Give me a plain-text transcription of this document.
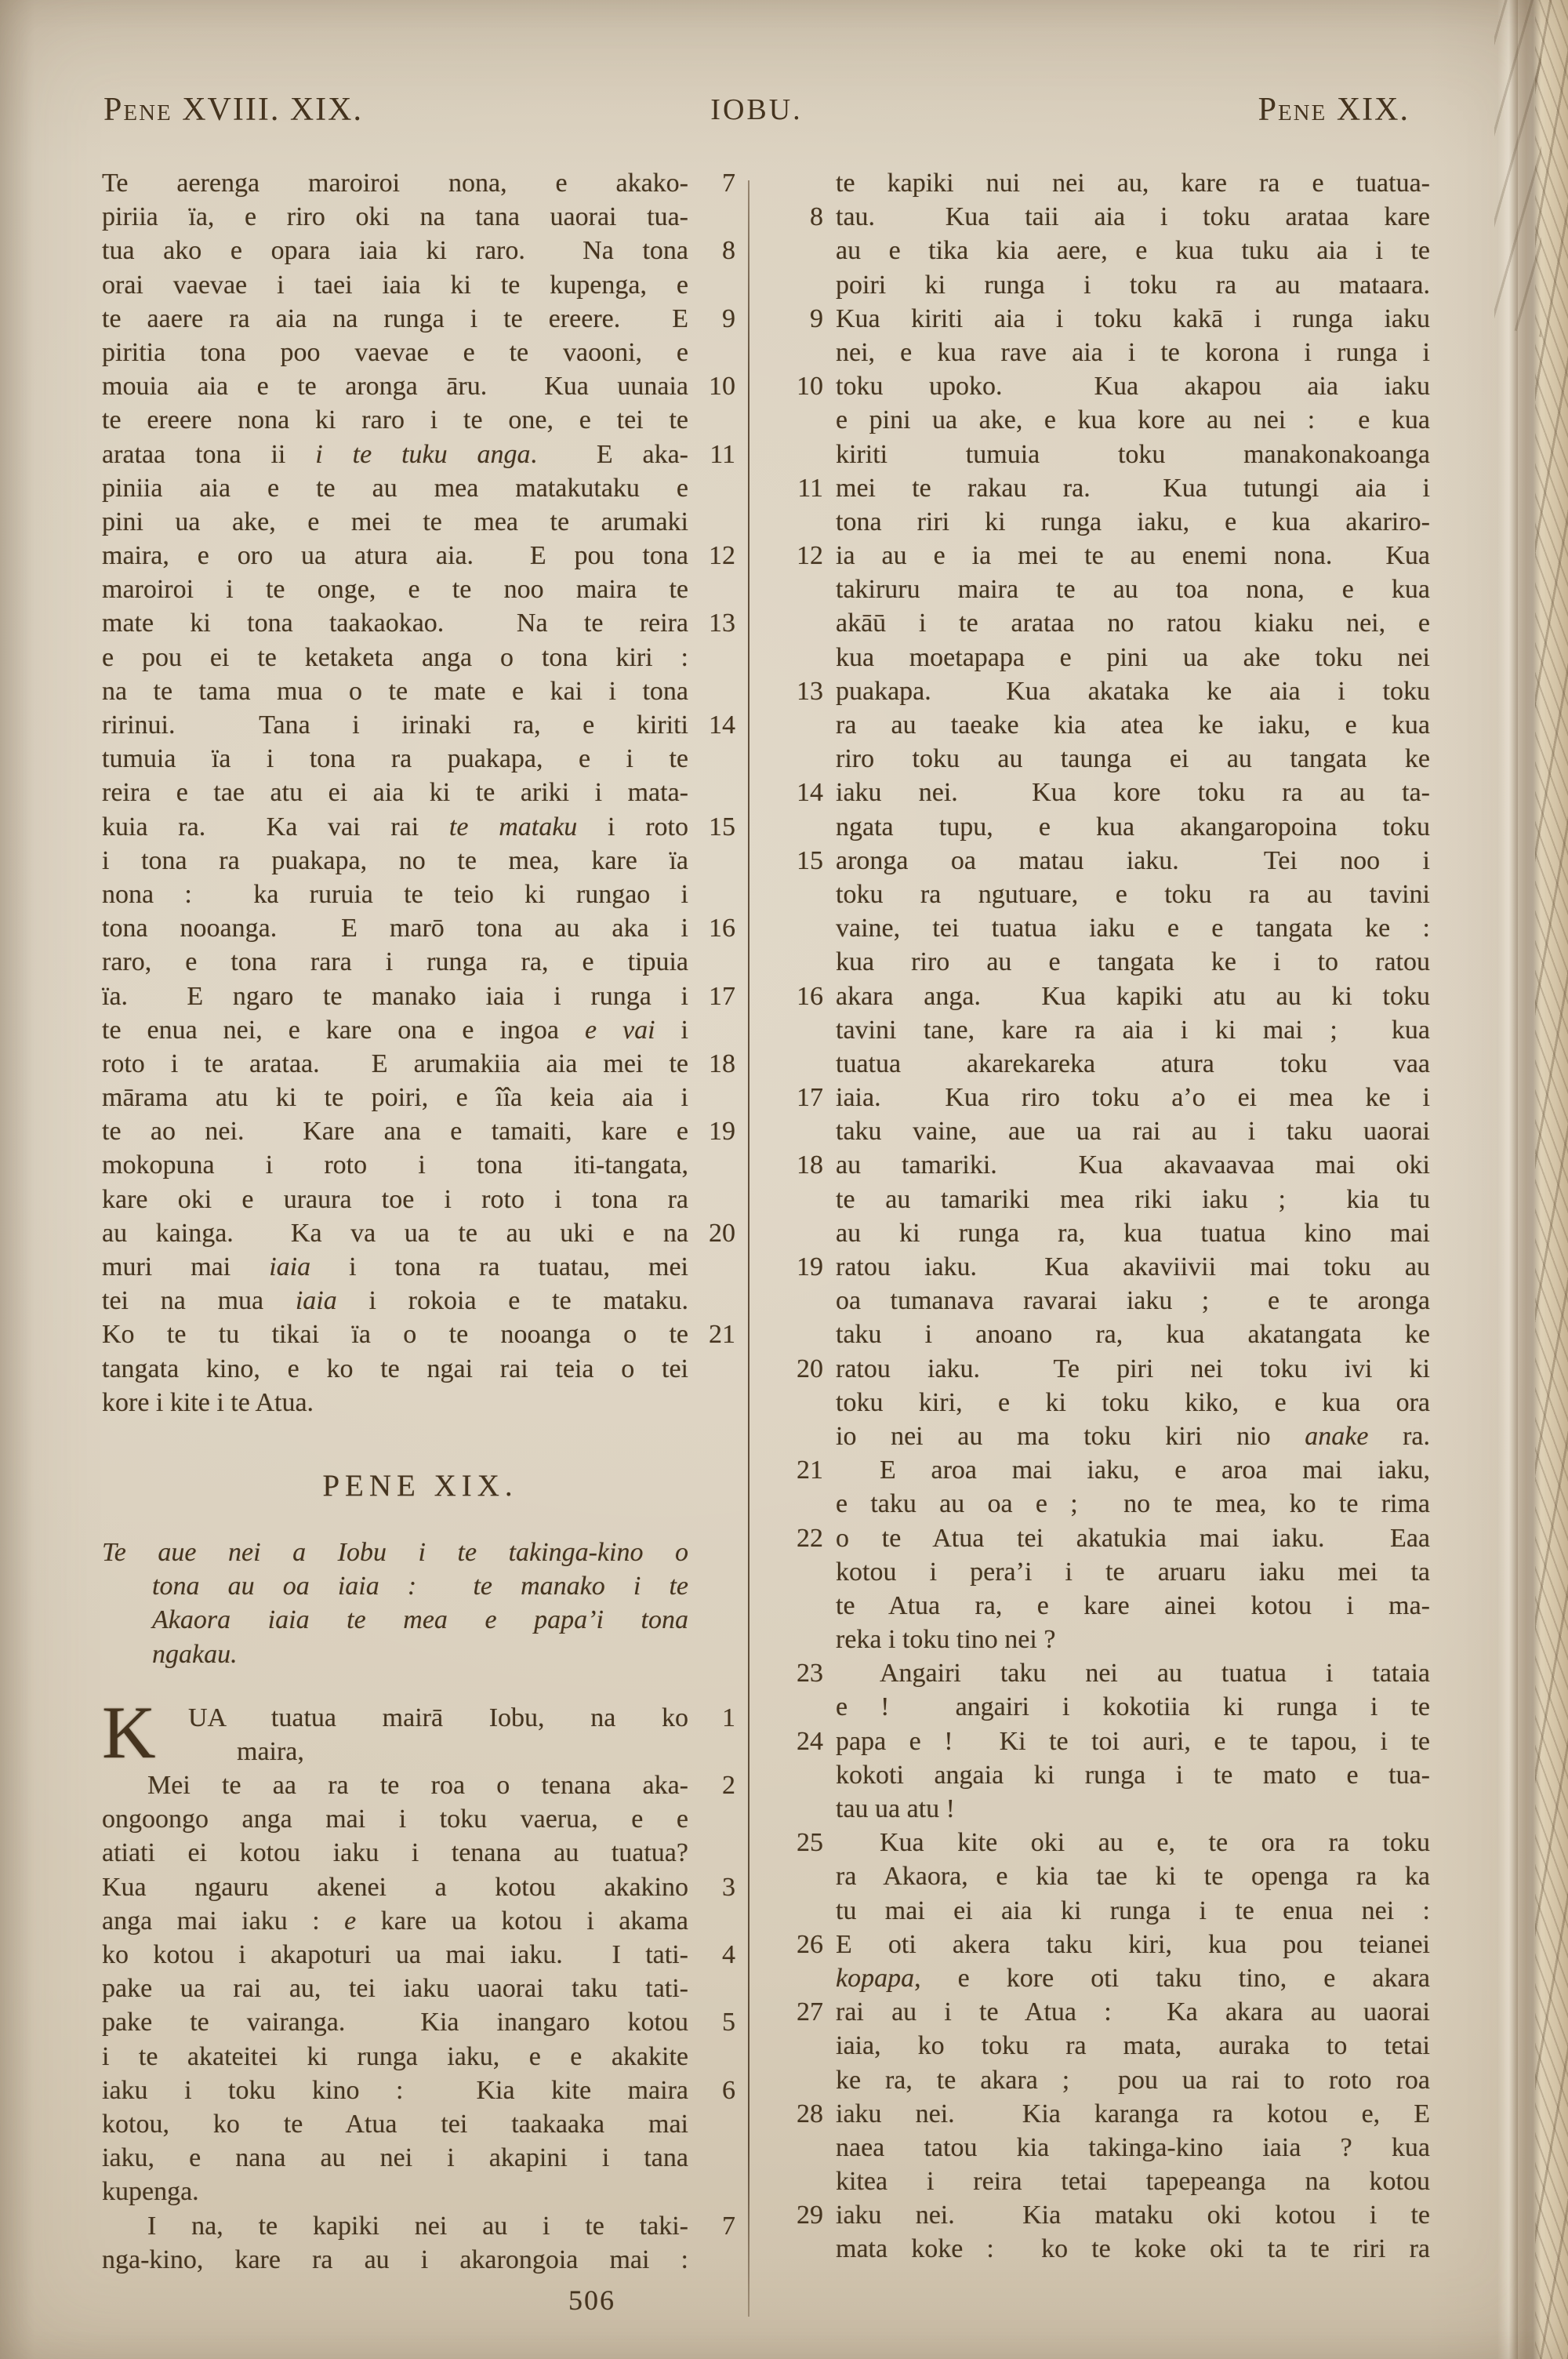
Pene XVIII. XIX.	IOBU.	Pene XIX.
Te aerenga maroiroi nona, e akako-	7
piriia ïa, e riro oki na tana uaorai tua-
tua ako e opara iaia ki raro.  Na tona	8
orai vaevae i taei iaia ki te kupenga, e
te aaere ra aia na runga i te ereere.  E	9
piritia tona poo vaevae e te vaooni, e
mouia aia e te aronga āru.  Kua uunaia 10
te ereere nona ki raro i te one, e tei te
arataa tona ii i te tuku anga.  E aka- 11
piniia aia e te au mea matakutaku e
pini ua ake, e mei te mea te arumaki
maira, e oro ua atura aia.  E pou tona 12
maroiroi i te onge, e te noo maira te
mate ki tona taakaokao.  Na te reira 13
e pou ei te ketaketa anga o tona kiri :
na te tama mua o te mate e kai i tona
ririnui.  Tana i irinaki ra, e kiriti 14
tumuia ïa i tona ra puakapa, e i te
reira e tae atu ei aia ki te ariki i mata-
kuia ra.  Ka vai rai te mataku i roto 15
i tona ra puakapa, no te mea, kare ïa
nona :  ka ruruia te teio ki rungao i
tona nooanga.  E marō tona au aka i 16
raro, e tona rara i runga ra, e tipuia
ïa.  E ngaro te manako iaia i runga i 17
te enua nei, e kare ona e ingoa e vai i
roto i te arataa.  E arumakiia aia mei te 18
mārama atu ki te poiri, e îîa keia aia i
te ao nei.  Kare ana e tamaiti, kare e 19
mokopuna i roto i tona iti-tangata,
kare oki e uraura toe i roto i tona ra
au kainga.  Ka va ua te au uki e na 20
muri mai iaia i tona ra tuatau, mei
tei na mua iaia i rokoia e te mataku.
Ko te tu tikai ïa o te nooanga o te 21
tangata kino, e ko te ngai rai teia o tei
kore i kite i te Atua.
PENE XIX.
Te aue nei a Iobu i te takinga-kino o
tona au oa iaia :  te manako i te
Akaora iaia te mea e papa’i tona
ngakau.
K	UA tuatua mairā Iobu, na ko	1
maira,
Mei te aa ra te roa o tenana aka-	2
ongoongo anga mai i toku vaerua, e e
atiati ei kotou iaku i tenana au tuatua?
Kua ngauru akenei a kotou akakino	3
anga mai iaku : e kare ua kotou i akama
ko kotou i akapoturi ua mai iaku.  I tati-	4
pake ua rai au, tei iaku uaorai taku tati-
pake te vairanga.  Kia inangaro kotou	5
i te akateitei ki runga iaku, e e akakite
iaku i toku kino :  Kia kite maira	6
kotou, ko te Atua tei taakaaka mai
iaku, e nana au nei i akapini i tana
kupenga.
I na, te kapiki nei au i te taki-	7
nga-kino, kare ra au i akarongoia mai :
te kapiki nui nei au, kare ra e tuatua-
8 tau.  Kua taii aia i toku arataa kare
au e tika kia aere, e kua tuku aia i te
poiri ki runga i toku ra au mataara.
9 Kua kiriti aia i toku kakā i runga iaku
nei, e kua rave aia i te korona i runga i
10 toku upoko.  Kua akapou aia iaku
e pini ua ake, e kua kore au nei :  e kua
kiriti tumuia toku manakonakoanga
11 mei te rakau ra.  Kua tutungi aia i
tona riri ki runga iaku, e kua akariro-
12 ia au e ia mei te au enemi nona.  Kua
takiruru maira te au toa nona, e kua
akāū i te arataa no ratou kiaku nei, e
kua moetapapa e pini ua ake toku nei
13 puakapa.  Kua akataka ke aia i toku
ra au taeake kia atea ke iaku, e kua
riro toku au taunga ei au tangata ke
14 iaku nei.  Kua kore toku ra au ta-
ngata tupu, e kua akangaropoina toku
15 aronga oa matau iaku.  Tei noo i
toku ra ngutuare, e toku ra au tavini
vaine, tei tuatua iaku e e tangata ke :
kua riro au e tangata ke i to ratou
16 akara anga.  Kua kapiki atu au ki toku
tavini tane, kare ra aia i ki mai ;  kua
tuatua akarekareka atura toku vaa
17 iaia.  Kua riro toku a’o ei mea ke i
taku vaine, aue ua rai au i taku uaorai
18 au tamariki.  Kua akavaavaa mai oki
te au tamariki mea riki iaku ;  kia tu
au ki runga ra, kua tuatua kino mai
19 ratou iaku.  Kua akaviivii mai toku au
oa tumanava ravarai iaku ;  e te aronga
taku i anoano ra, kua akatangata ke
20 ratou iaku.  Te piri nei toku ivi ki
toku kiri, e ki toku kiko, e kua ora
io nei au ma toku kiri nio anake ra.
21	E aroa mai iaku, e aroa mai iaku,
e taku au oa e ;  no te mea, ko te rima
22 o te Atua tei akatukia mai iaku.  Eaa
kotou i pera’i i te aruaru iaku mei ta
te Atua ra, e kare ainei kotou i ma-
reka i toku tino nei ?
23	Angairi taku nei au tuatua i tataia
e !  angairi i kokotiia ki runga i te
24 papa e !  Ki te toi auri, e te tapou, i te
kokoti angaia ki runga i te mato e tua-
tau ua atu !
25	Kua kite oki au e, te ora ra toku
ra Akaora, e kia tae ki te openga ra ka
tu mai ei aia ki runga i te enua nei :
26 E oti akera taku kiri, kua pou teianei
kopapa, e kore oti taku tino, e akara
27 rai au i te Atua :  Ka akara au uaorai
iaia, ko toku ra mata, auraka to tetai
ke ra, te akara ;  pou ua rai to roto roa
28 iaku nei.  Kia karanga ra kotou e, E
naea tatou kia takinga-kino iaia ? kua
kitea i reira tetai tapepeanga na kotou
29 iaku nei.  Kia mataku oki kotou i te
mata koke :  ko te koke oki ta te riri ra
506
